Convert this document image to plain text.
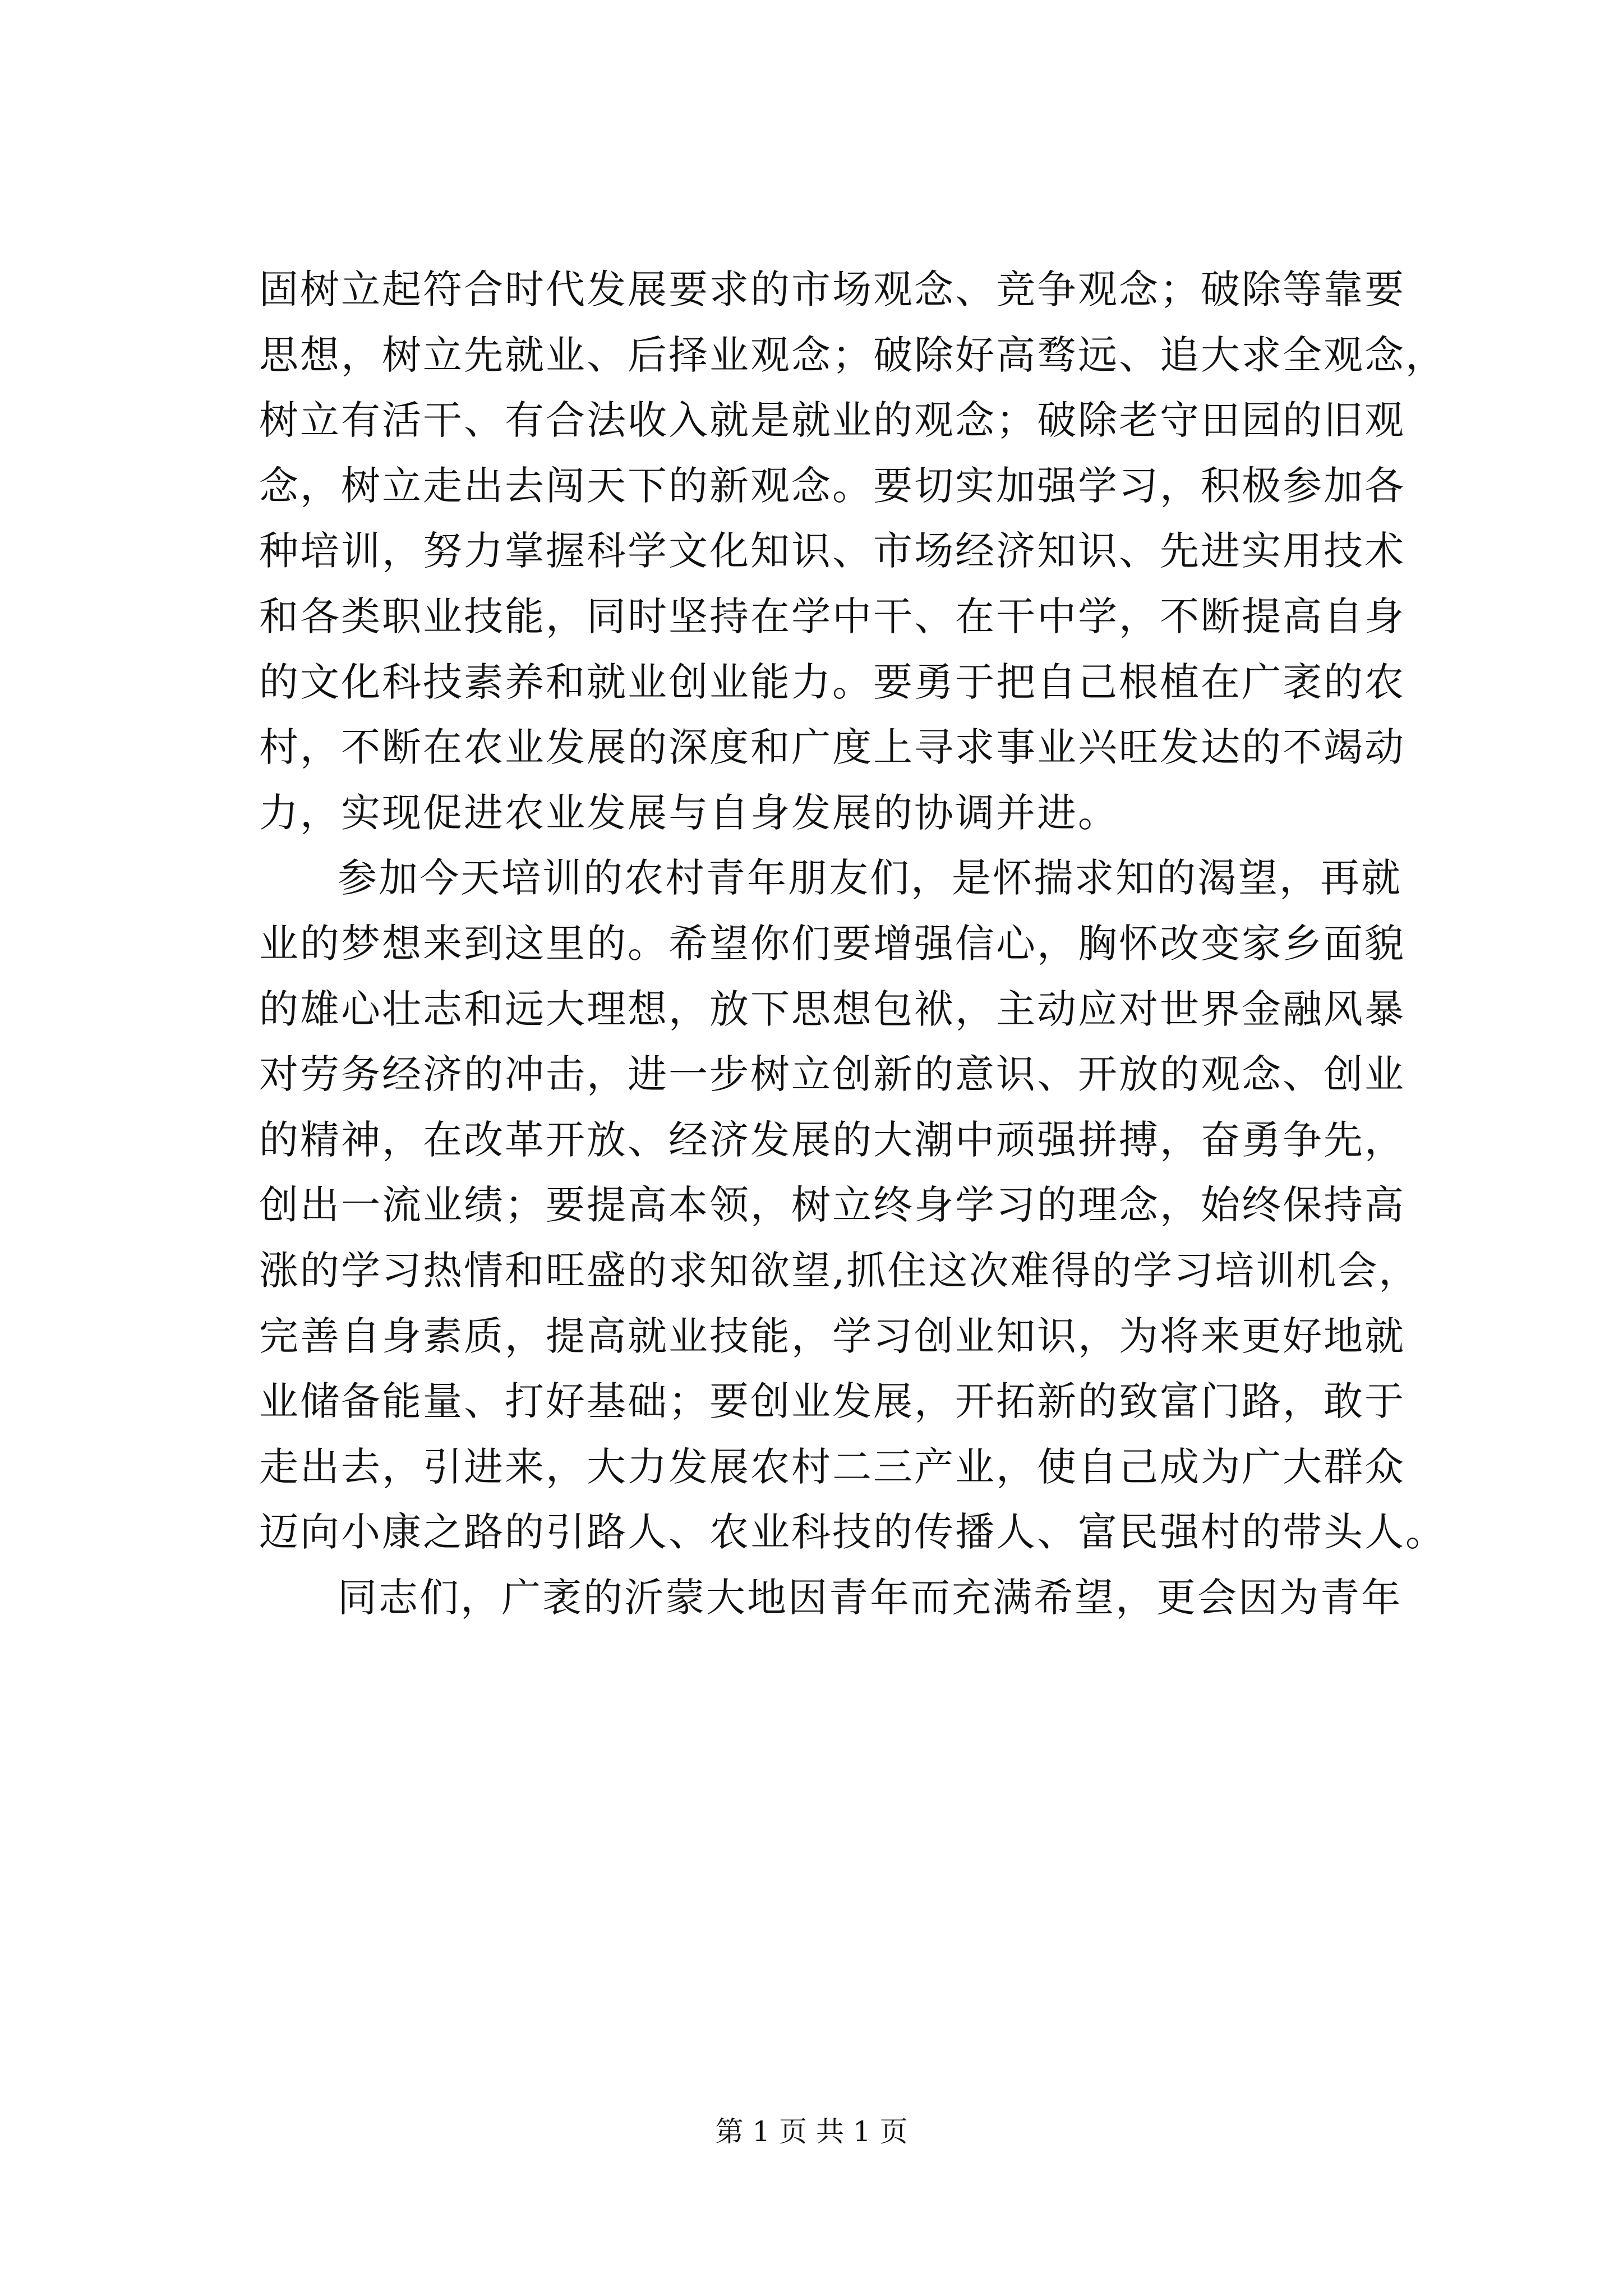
固树立起符合时代发展要求的市场观念、竞争观念；破除等靠要
思想，树立先就业、后择业观念；破除好高骛远、追大求全观念，
树立有活干、有合法收入就是就业的观念；破除老守田园的旧观
念，树立走出去闯天下的新观念。要切实加强学习，积极参加各
种培训，努力掌握科学文化知识、市场经济知识、先进实用技术
和各类职业技能，同时坚持在学中干、在干中学，不断提高自身
的文化科技素养和就业创业能力。要勇于把自己根植在广袤的农
村，不断在农业发展的深度和广度上寻求事业兴旺发达的不竭动
力，实现促进农业发展与自身发展的协调并进。
参加今天培训的农村青年朋友们，是怀揣求知的渴望，再就
业的梦想来到这里的。希望你们要增强信心，胸怀改变家乡面貌
的雄心壮志和远大理想，放下思想包袱，主动应对世界金融风暴
对劳务经济的冲击，进一步树立创新的意识、开放的观念、创业
的精神，在改革开放、经济发展的大潮中顽强拼搏，奋勇争先，
创出一流业绩；要提高本领，树立终身学习的理念，始终保持高
涨的学习热情和旺盛的求知欲望,抓住这次难得的学习培训机会，
完善自身素质，提高就业技能，学习创业知识，为将来更好地就
业储备能量、打好基础；要创业发展，开拓新的致富门路，敢于
走出去，引进来，大力发展农村二三产业，使自己成为广大群众
迈向小康之路的引路人、农业科技的传播人、富民强村的带头人。
同志们，广袤的沂蒙大地因青年而充满希望，更会因为青年
第 1 页 共 1 页
